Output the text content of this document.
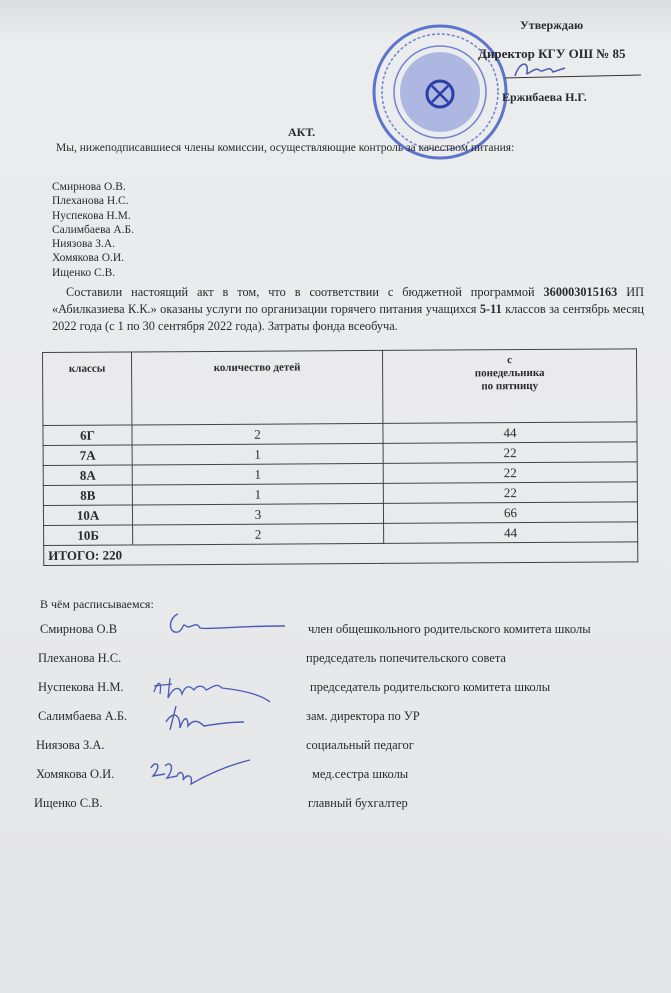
Утверждаю
Директор КГУ ОШ № 85
Ержибаева Н.Г.
АКТ.
Мы, нижеподписавшиеся члены комиссии, осуществляющие контроль за качеством питания:
Смирнова О.В.
Плеханова Н.С.
Нуспекова Н.М.
Салимбаева А.Б.
Ниязова З.А.
Хомякова О.И.
Ищенко С.В.
Составили настоящий акт в том, что в соответствии с бюджетной программой 360003015163 ИП «Абилказиева К.К.» оказаны услуги по организации горячего питания учащихся 5-11 классов за сентябрь месяц 2022 года (с 1 по 30 сентября 2022 года). Затраты фонда всеобуча.
классы	количество детей	с понедельника по пятницу
6Г	2	44
7А	1	22
8А	1	22
8В	1	22
10А	3	66
10Б	2	44
ИТОГО: 220		
В чём расписываемся:
Смирнова О.В	член общешкольного родительского комитета школы
Плеханова Н.С.	председатель попечительского совета
Нуспекова Н.М.	председатель родительского комитета школы
Салимбаева А.Б.	зам. директора по УР
Ниязова З.А.	социальный педагог
Хомякова О.И.	мед.сестра школы
Ищенко С.В.	главный бухгалтер
